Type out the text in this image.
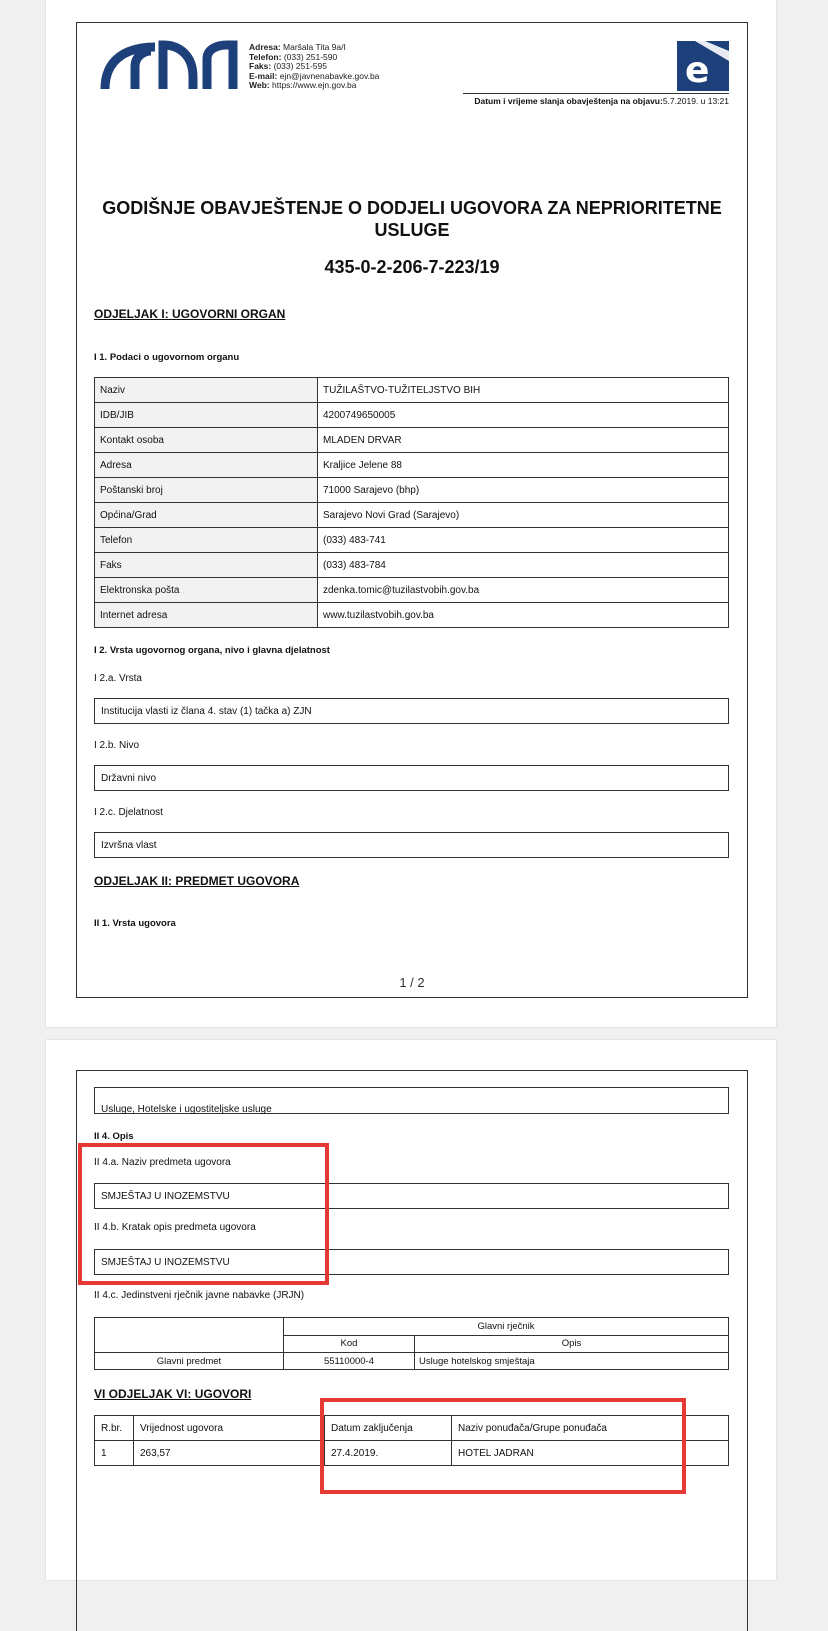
Adresa: Maršala Tita 9a/I
Telefon: (033) 251-590
Faks: (033) 251-595
E-mail: ejn@javnenabavke.gov.ba
Web: https://www.ejn.gov.ba	e
Datum i vrijeme slanja obavještenja na objavu:5.7.2019. u 13:21
GODIŠNJE OBAVJEŠTENJE O DODJELI UGOVORA ZA NEPRIORITETNE USLUGE
435-0-2-206-7-223/19
ODJELJAK I: UGOVORNI ORGAN
I 1. Podaci o ugovornom organu
Naziv	TUŽILAŠTVO-TUŽITELJSTVO BIH
IDB/JIB	4200749650005
Kontakt osoba	MLADEN DRVAR
Adresa	Kraljice Jelene 88
Poštanski broj	71000 Sarajevo (bhp)
Općina/Grad	Sarajevo Novi Grad (Sarajevo)
Telefon	(033) 483-741
Faks	(033) 483-784
Elektronska pošta	zdenka.tomic@tuzilastvobih.gov.ba
Internet adresa	www.tuzilastvobih.gov.ba
I 2. Vrsta ugovornog organa, nivo i glavna djelatnost
I 2.a. Vrsta
Institucija vlasti iz člana 4. stav (1) tačka a) ZJN
I 2.b. Nivo
Državni nivo
I 2.c. Djelatnost
Izvršna vlast
ODJELJAK II: PREDMET UGOVORA
II 1. Vrsta ugovora
1 / 2
Usluge, Hotelske i ugostiteljske usluge
II 4. Opis
II 4.a. Naziv predmeta ugovora
SMJEŠTAJ U INOZEMSTVU
II 4.b. Kratak opis predmeta ugovora
SMJEŠTAJ U INOZEMSTVU
II 4.c. Jedinstveni rječnik javne nabavke (JRJN)
	Glavni rječnik	
	Kod	Opis
Glavni predmet	55110000-4	Usluge hotelskog smještaja
VI ODJELJAK VI: UGOVORI
R.br.	Vrijednost ugovora	Datum zaključenja	Naziv ponuđača/Grupe ponuđača
1	263,57	27.4.2019.	HOTEL JADRAN
